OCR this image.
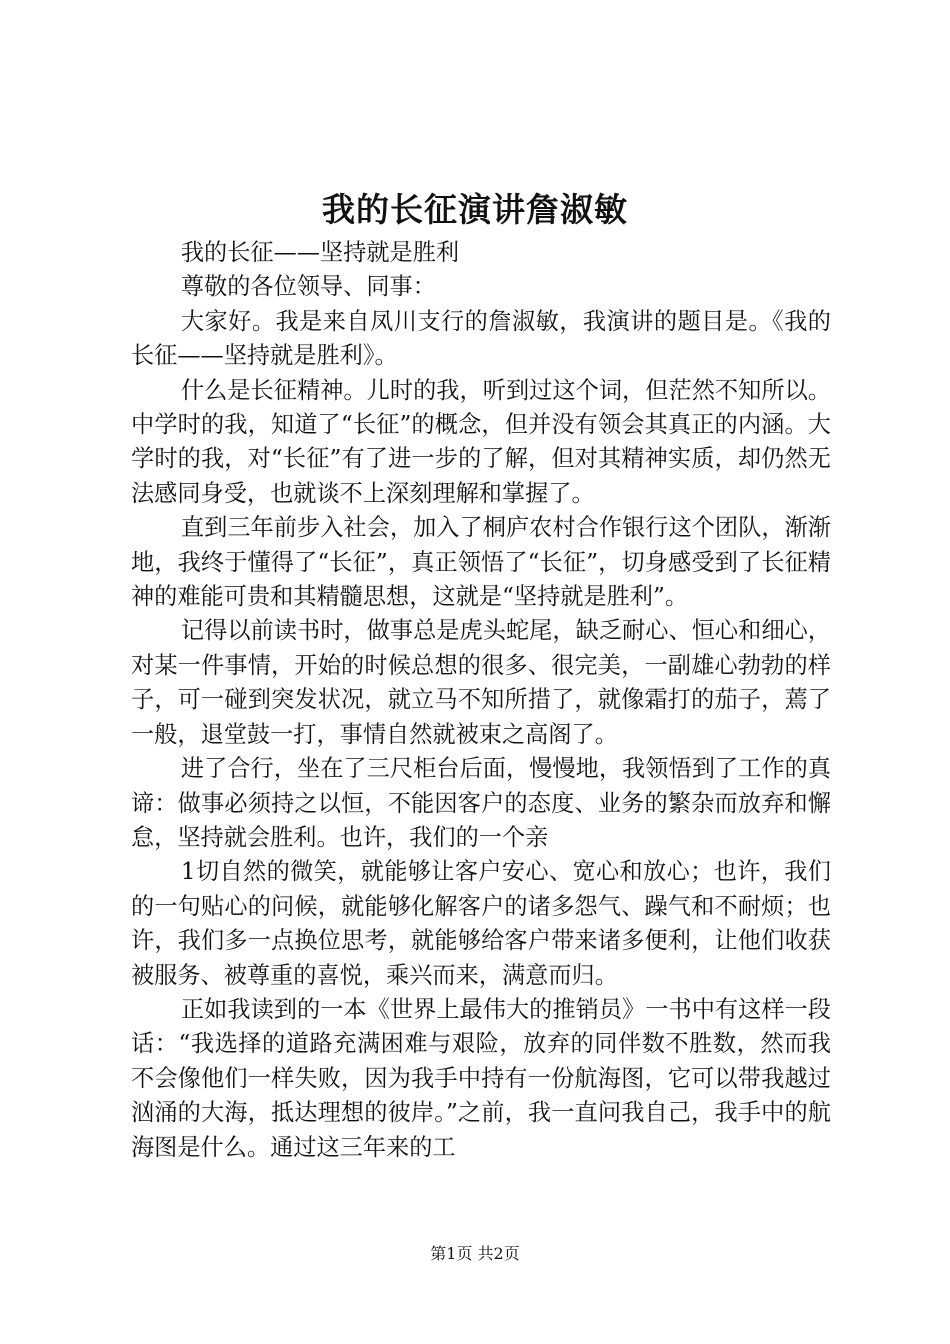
我的长征演讲詹淑敏

我的长征——坚持就是胜利

尊敬的各位领导、同事：

大家好。我是来自凤川支行的詹淑敏，我演讲的题目是。《我的长征——坚持就是胜利》。

什么是长征精神。儿时的我，听到过这个词，但茫然不知所以。中学时的我，知道了“长征”的概念，但并没有领会其真正的内涵。大学时的我，对“长征”有了进一步的了解，但对其精神实质，却仍然无法感同身受，也就谈不上深刻理解和掌握了。

直到三年前步入社会，加入了桐庐农村合作银行这个团队，渐渐地，我终于懂得了“长征”，真正领悟了“长征”，切身感受到了长征精神的难能可贵和其精髓思想，这就是“坚持就是胜利”。

记得以前读书时，做事总是虎头蛇尾，缺乏耐心、恒心和细心，对某一件事情，开始的时候总想的很多、很完美，一副雄心勃勃的样子，可一碰到突发状况，就立马不知所措了，就像霜打的茄子，蔫了一般，退堂鼓一打，事情自然就被束之高阁了。

进了合行，坐在了三尺柜台后面，慢慢地，我领悟到了工作的真谛：做事必须持之以恒，不能因客户的态度、业务的繁杂而放弃和懈怠，坚持就会胜利。也许，我们的一个亲

1切自然的微笑，就能够让客户安心、宽心和放心；也许，我们的一句贴心的问候，就能够化解客户的诸多怨气、躁气和不耐烦；也许，我们多一点换位思考，就能够给客户带来诸多便利，让他们收获被服务、被尊重的喜悦，乘兴而来，满意而归。

正如我读到的一本《世界上最伟大的推销员》一书中有这样一段话：“我选择的道路充满困难与艰险，放弃的同伴数不胜数，然而我不会像他们一样失败，因为我手中持有一份航海图，它可以带我越过汹涌的大海，抵达理想的彼岸。”之前，我一直问我自己，我手中的航海图是什么。通过这三年来的工

第1页 共2页
